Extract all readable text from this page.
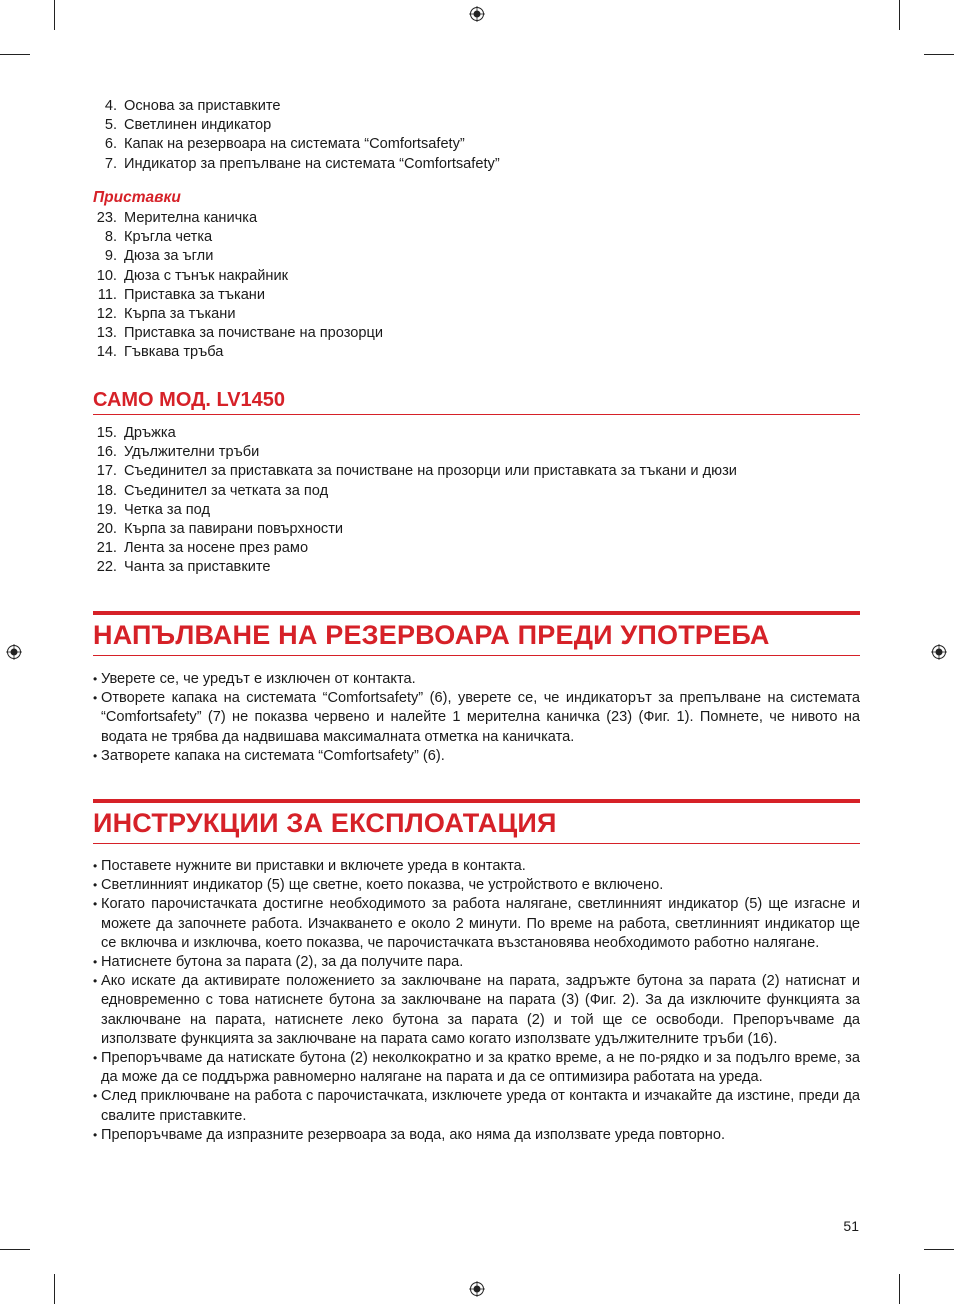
4. Основа за приставките
5. Светлинен индикатор
6. Капак на резервоара на системата “Comfortsafety”
7. Индикатор за препълване на системата “Comfortsafety”
Приставки
23. Мерителна каничка
8. Кръгла четка
9. Дюза за ъгли
10. Дюза с тънък накрайник
11. Приставка за тъкани
12. Кърпа за тъкани
13. Приставка за почистване на прозорци
14. Гъвкава тръба
САМО МОД. LV1450
15. Дръжка
16. Удължителни тръби
17. Съединител за приставката за почистване на прозорци или приставката за тъкани и дюзи
18. Съединител за четката за под
19. Четка за под
20. Кърпа за павирани повърхности
21. Лента за носене през рамо
22. Чанта за приставките
НАПЪЛВАНЕ НА РЕЗЕРВОАРА ПРЕДИ УПОТРЕБА
• Уверете се, че уредът е изключен от контакта.
• Отворете капака на системата “Comfortsafety” (6), уверете се, че индикаторът за препълване на системата “Comfortsafety” (7) не показва червено и налейте 1 мерителна каничка (23) (Фиг. 1). Помнете, че нивото на водата не трябва да надвишава максималната отметка на каничката.
• Затворете капака на системата “Comfortsafety” (6).
ИНСТРУКЦИИ ЗА ЕКСПЛОАТАЦИЯ
• Поставете нужните ви приставки и включете уреда в контакта.
• Светлинният индикатор (5) ще светне, което показва, че устройството е включено.
• Когато парочистачката достигне необходимото за работа налягане, светлинният индикатор (5) ще изгасне и можете да започнете работа. Изчакването е около 2 минути. По време на работа, светлинният индикатор ще се включва и изключва, което показва, че парочистачката възстановява необходимото работно налягане.
• Натиснете бутона за парата (2), за да получите пара.
• Ако искате да активирате положението за заключване на парата, задръжте бутона за парата (2) натиснат и едновременно с това натиснете бутона за заключване на парата (3) (Фиг. 2). За да изключите функцията за заключване на парата, натиснете леко бутона за парата (2) и той ще се освободи. Препоръчваме да използвате функцията за заключване на парата само когато използвате удължителните тръби (16).
• Препоръчваме да натискате бутона (2) неколкократно и за кратко време, а не по-рядко и за подълго време, за да може да се поддържа равномерно налягане на парата и да се оптимизира работата на уреда.
• След приключване на работа с парочистачката, изключете уреда от контакта и изчакайте да изстине, преди да свалите приставките.
• Препоръчваме да изпразните резервоара за вода, ако няма да използвате уреда повторно.
51
